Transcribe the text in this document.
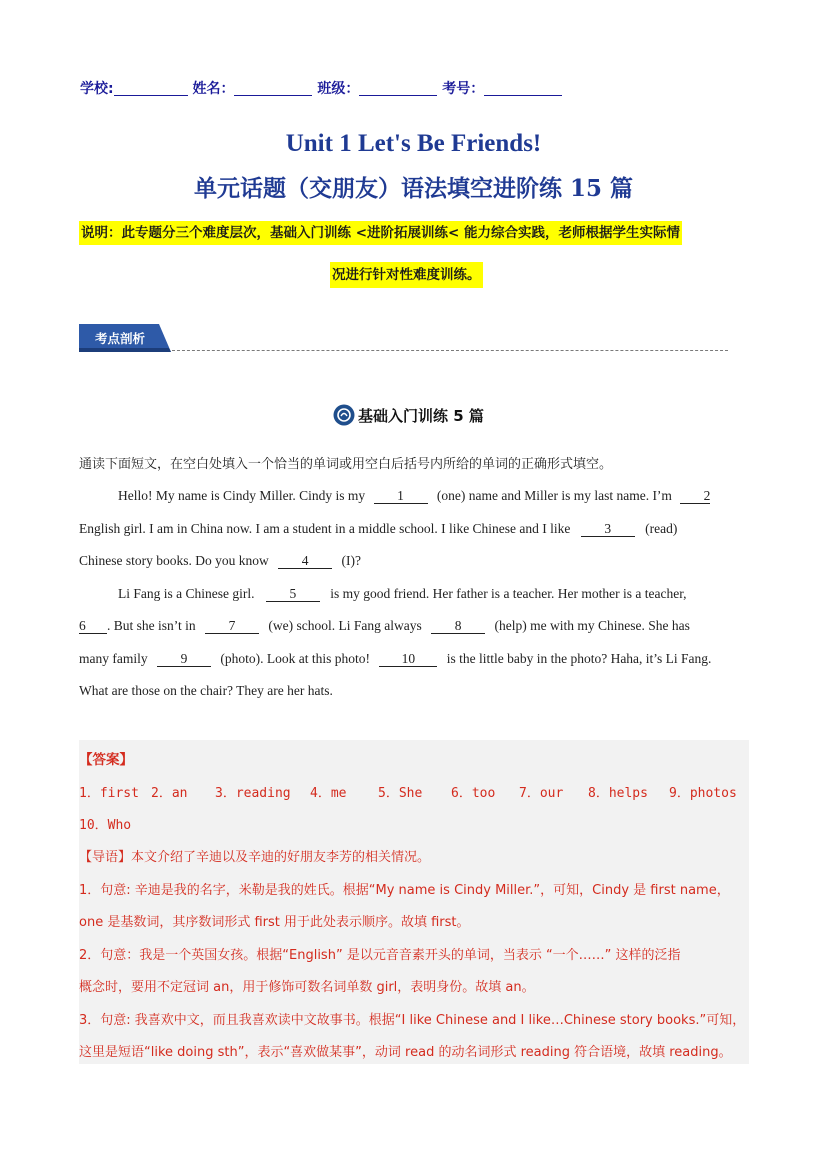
学校:	姓名：	班级：	考号：
Unit 1 Let's Be Friends!
单元话题（交朋友）语法填空进阶练 15 篇
说明：此专题分三个难度层次，基础入门训练 <进阶拓展训练< 能力综合实践，老师根据学生实际情
况进行针对性难度训练。
考点剖析
基础入门训练 5 篇
通读下面短文，在空白处填入一个恰当的单词或用空白后括号内所给的单词的正确形式填空。
Hello! My name is Cindy Miller. Cindy is my 1 (one) name and Miller is my last name. I’m 2
English girl. I am in China now. I am a student in a middle school. I like Chinese and I like	3	(read)
Chinese story books. Do you know 4 (I)?
Li Fang is a Chinese girl.	5	is my good friend. Her father is a teacher. Her mother is a teacher,
6 . But she isn’t in 7 (we) school. Li Fang always 8 (help) me with my Chinese. She has
many family 9 (photo). Look at this photo! 10 is the little baby in the photo? Haha, it’s Li Fang.
What are those on the chair? They are her hats.
【答案】
1．first 2．an 3．reading 4．me 5．She 6．too 7．our 8．helps 9．photos
10．Who
【导语】本文介绍了辛迪以及辛迪的好朋友李芳的相关情况。
1．句意: 辛迪是我的名字，米勒是我的姓氏。根据“My name is Cindy Miller.”，可知，Cindy 是 first name，
one 是基数词，其序数词形式 first 用于此处表示顺序。故填 first。
2．句意：我是一个英国女孩。根据“English” 是以元音音素开头的单词，当表示 “一个……” 这样的泛指
概念时，要用不定冠词 an，用于修饰可数名词单数 girl，表明身份。故填 an。
3．句意: 我喜欢中文，而且我喜欢读中文故事书。根据“I like Chinese and I like…Chinese story books.”可知，
这里是短语“like doing sth”，表示“喜欢做某事”，动词 read 的动名词形式 reading 符合语境，故填 reading。
